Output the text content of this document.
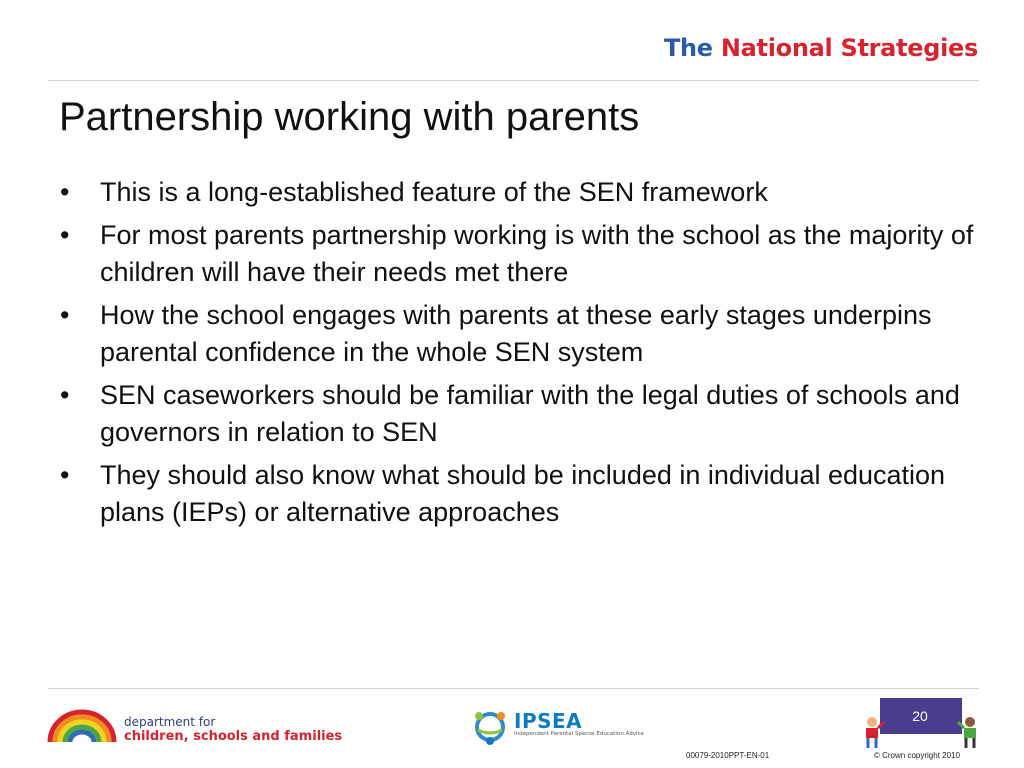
The National Strategies
Partnership working with parents
•	This is a long-established feature of the SEN framework
•	For most parents partnership working is with the school as the majority of children will have their needs met there
•	How the school engages with parents at these early stages underpins parental confidence in the whole SEN system
•	SEN caseworkers should be familiar with the legal duties of schools and governors in relation to SEN
•	They should also know what should be included in individual education plans (IEPs) or alternative approaches
department for
children, schools and families
IPSEA
Independent Parental Special Education Advice
20
00079-2010PPT-EN-01	© Crown copyright 2010
